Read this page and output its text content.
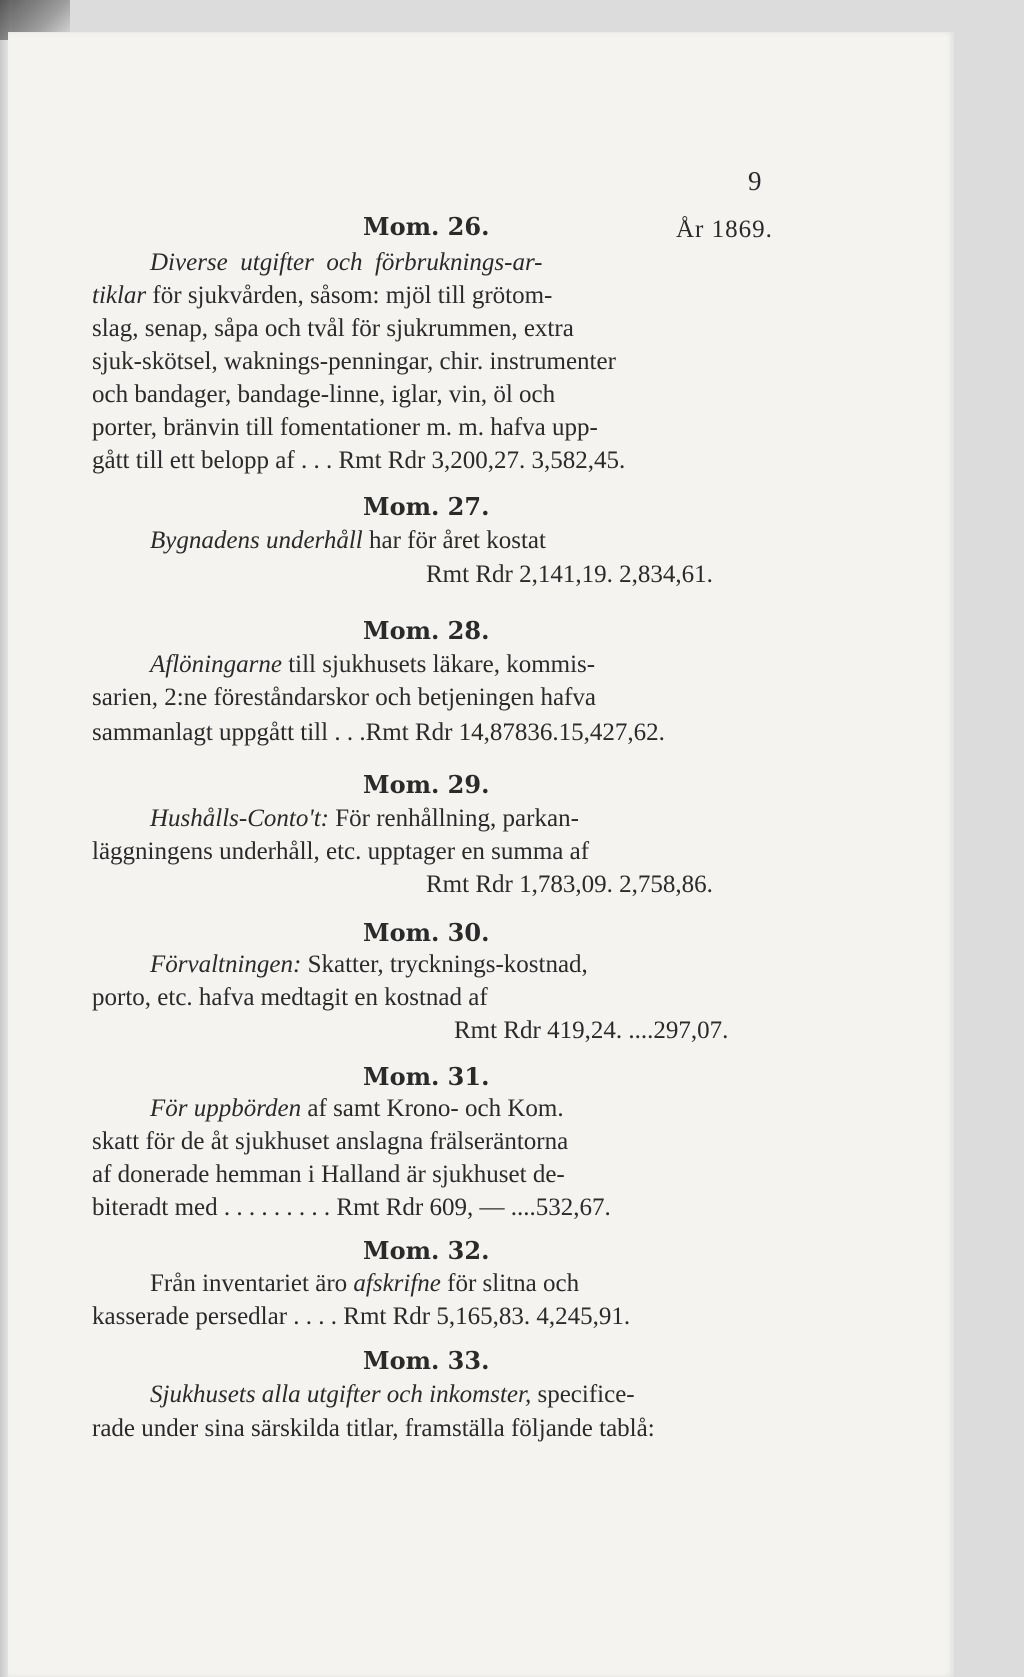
9
År 1869.
Mom. 26.
Diverse  utgifter  och  förbruknings-ar-
tiklar för sjukvården, såsom: mjöl till grötom-
slag, senap, såpa och tvål för sjukrummen, extra
sjuk-skötsel, waknings-penningar, chir. instrumenter
och bandager, bandage-linne, iglar, vin, öl och
porter, bränvin till fomentationer m. m. hafva upp-
gått till ett belopp af . . . Rmt Rdr 3,200,27. 3,582,45.
Mom. 27.
Bygnadens underhåll har för året kostat
Rmt Rdr 2,141,19. 2,834,61.
Mom. 28.
Aflöningarne till sjukhusets läkare, kommis-
sarien, 2:ne föreståndarskor och betjeningen hafva
sammanlagt uppgått till . . .Rmt Rdr 14,87836.15,427,62.
Mom. 29.
Hushålls-Conto't: För renhållning, parkan-
läggningens underhåll, etc. upptager en summa af
Rmt Rdr 1,783,09. 2,758,86.
Mom. 30.
Förvaltningen: Skatter, trycknings-kostnad,
porto, etc. hafva medtagit en kostnad af
Rmt Rdr 419,24. ....297,07.
Mom. 31.
För uppbörden af samt Krono- och Kom.
skatt för de åt sjukhuset anslagna frälseräntorna
af donerade hemman i Halland är sjukhuset de-
biteradt med . . . . . . . . . Rmt Rdr 609, — ....532,67.
Mom. 32.
Från inventariet äro afskrifne för slitna och
kasserade persedlar . . . . Rmt Rdr 5,165,83. 4,245,91.
Mom. 33.
Sjukhusets alla utgifter och inkomster, specifice-
rade under sina särskilda titlar, framställa följande tablå:
